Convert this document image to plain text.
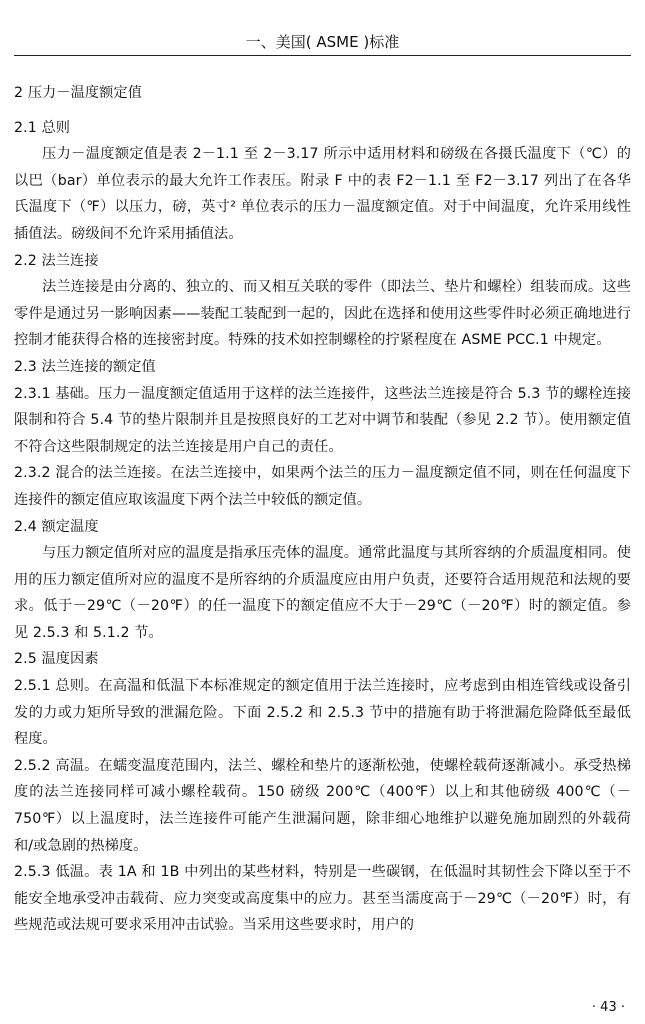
一、美国( ASME )标准

2 压力－温度额定值

2.1 总则

压力－温度额定值是表 2－1.1 至 2－3.17 所示中适用材料和磅级在各摄氏温度下（℃）的以巴（bar）单位表示的最大允许工作表压。附录 F 中的表 F2－1.1 至 F2－3.17 列出了在各华氏温度下（℉）以压力，磅，英寸² 单位表示的压力－温度额定值。对于中间温度，允许采用线性插值法。磅级间不允许采用插值法。

2.2 法兰连接

法兰连接是由分离的、独立的、而又相互关联的零件（即法兰、垫片和螺栓）组装而成。这些零件是通过另一影响因素——装配工装配到一起的，因此在选择和使用这些零件时必须正确地进行控制才能获得合格的连接密封度。特殊的技术如控制螺栓的拧紧程度在 ASME PCC.1 中规定。

2.3 法兰连接的额定值

2.3.1 基础。压力－温度额定值适用于这样的法兰连接件，这些法兰连接是符合 5.3 节的螺栓连接限制和符合 5.4 节的垫片限制并且是按照良好的工艺对中调节和装配（参见 2.2 节）。使用额定值不符合这些限制规定的法兰连接是用户自己的责任。

2.3.2 混合的法兰连接。在法兰连接中，如果两个法兰的压力－温度额定值不同，则在任何温度下连接件的额定值应取该温度下两个法兰中较低的额定值。

2.4 额定温度

与压力额定值所对应的温度是指承压壳体的温度。通常此温度与其所容纳的介质温度相同。使用的压力额定值所对应的温度不是所容纳的介质温度应由用户负责，还要符合适用规范和法规的要求。低于－29℃（－20℉）的任一温度下的额定值应不大于－29℃（－20℉）时的额定值。参见 2.5.3 和 5.1.2 节。

2.5 温度因素

2.5.1 总则。在高温和低温下本标准规定的额定值用于法兰连接时，应考虑到由相连管线或设备引发的力或力矩所导致的泄漏危险。下面 2.5.2 和 2.5.3 节中的措施有助于将泄漏危险降低至最低程度。

2.5.2 高温。在蠕变温度范围内，法兰、螺栓和垫片的逐渐松弛，使螺栓载荷逐渐减小。承受热梯度的法兰连接同样可减小螺栓载荷。150 磅级 200℃（400℉）以上和其他磅级 400℃（－750℉）以上温度时，法兰连接件可能产生泄漏问题，除非细心地维护以避免施加剧烈的外载荷和/或急剧的热梯度。

2.5.3 低温。表 1A 和 1B 中列出的某些材料，特别是一些碳钢，在低温时其韧性会下降以至于不能安全地承受冲击载荷、应力突变或高度集中的应力。甚至当濡度高于－29℃（－20℉）时，有些规范或法规可要求采用冲击试验。当采用这些要求时，用户的

· 43 ·
